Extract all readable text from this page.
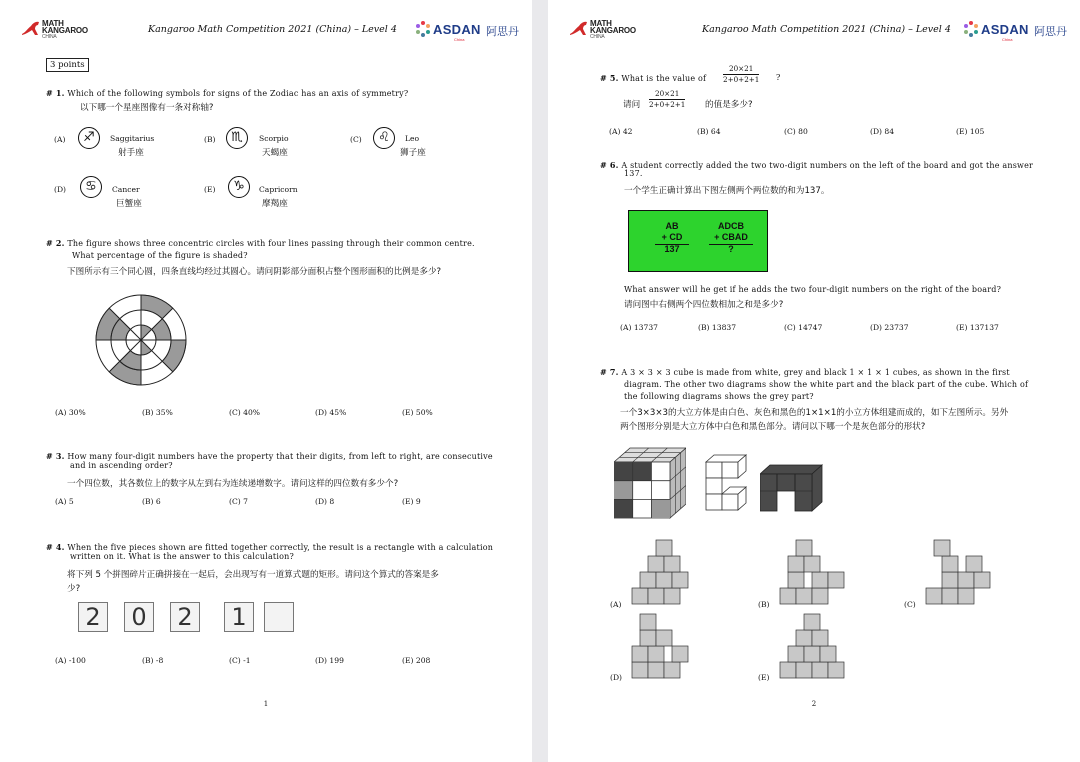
MATH
KANGAROO
CHINA
Kangaroo Math Competition 2021 (China) – Level 4	ASDAN 阿思丹
China
3 points
# 1. Which of the following symbols for signs of the Zodiac has an axis of symmetry?
以下哪一个星座图像有一条对称轴?
(A)	♐	Saggitarius
射手座
(B)	♏	Scorpio
天蝎座
(C)	♌	Leo
狮子座
(D)	♋	Cancer
巨蟹座
(E)	♑	Capricorn
摩羯座
# 2. The figure shows three concentric circles with four lines passing through their common centre.
What percentage of the figure is shaded?
下图所示有三个同心圆，四条直线均经过其圆心。请问阴影部分面积占整个图形面积的比例是多少?
(A) 30%	(B) 35%	(C) 40%	(D) 45%	(E) 50%
# 3. How many four-digit numbers have the property that their digits, from left to right, are consecutive
and in ascending order?
一个四位数，其各数位上的数字从左到右为连续递增数字。请问这样的四位数有多少个?
(A) 5	(B) 6	(C) 7	(D) 8	(E) 9
# 4. When the five pieces shown are fitted together correctly, the result is a rectangle with a calculation
written on it. What is the answer to this calculation?
将下列 5 个拼图碎片正确拼接在一起后，会出现写有一道算式题的矩形。请问这个算式的答案是多
少?
2	0	2	1
(A) -100	(B) -8	(C) -1	(D) 199	(E) 208
1
MATH
KANGAROO
CHINA
Kangaroo Math Competition 2021 (China) – Level 4 ASDAN 阿思丹
China
# 5. What is the value of $\frac{20\times 21}{2+0+2+1}$ ?
请问 $\frac{20\times 21}{2+0+2+1}$ 的值是多少?
(A) 42	(B) 64	(C) 80	(D) 84	(E) 105
# 6. A student correctly added the two two-digit numbers on the left of the board and got the answer
137.
一个学生正确计算出下图左侧两个两位数的和为137。
AB
+ CD
137
ADCB
+ CBAD
?
What answer will he get if he adds the two four-digit numbers on the right of the board?
请问图中右侧两个四位数相加之和是多少?
(A) 13737	(B) 13837	(C) 14747	(D) 23737	(E) 137137
# 7. A 3 × 3 × 3 cube is made from white, grey and black 1 × 1 × 1 cubes, as shown in the first
diagram. The other two diagrams show the white part and the black part of the cube. Which of
the following diagrams shows the grey part?
一个3×3×3的大立方体是由白色、灰色和黑色的1×1×1的小立方体组建而成的，如下左图所示。另外
两个图形分别是大立方体中白色和黑色部分。请问以下哪一个是灰色部分的形状?
(A)	(B)	(C)
(D)	(E)
2
